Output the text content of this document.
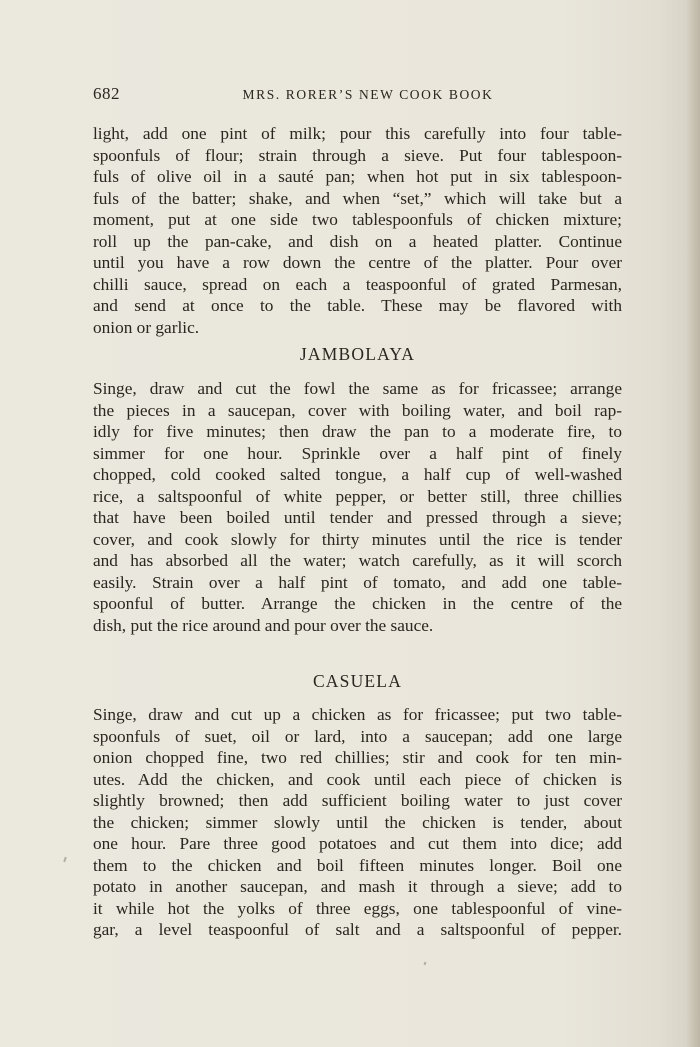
682	MRS. RORER’S NEW COOK BOOK
light, add one pint of milk; pour this carefully into four table-
spoonfuls of flour; strain through a sieve. Put four tablespoon-
fuls of olive oil in a sauté pan; when hot put in six tablespoon-
fuls of the batter; shake, and when “set,” which will take but a
moment, put at one side two tablespoonfuls of chicken mixture;
roll up the pan-cake, and dish on a heated platter. Continue
until you have a row down the centre of the platter. Pour over
chilli sauce, spread on each a teaspoonful of grated Parmesan,
and send at once to the table. These may be flavored with
onion or garlic.
JAMBOLAYA
Singe, draw and cut the fowl the same as for fricassee; arrange
the pieces in a saucepan, cover with boiling water, and boil rap-
idly for five minutes; then draw the pan to a moderate fire, to
simmer for one hour. Sprinkle over a half pint of finely
chopped, cold cooked salted tongue, a half cup of well-washed
rice, a saltspoonful of white pepper, or better still, three chillies
that have been boiled until tender and pressed through a sieve;
cover, and cook slowly for thirty minutes until the rice is tender
and has absorbed all the water; watch carefully, as it will scorch
easily. Strain over a half pint of tomato, and add one table-
spoonful of butter. Arrange the chicken in the centre of the
dish, put the rice around and pour over the sauce.
CASUELA
Singe, draw and cut up a chicken as for fricassee; put two table-
spoonfuls of suet, oil or lard, into a saucepan; add one large
onion chopped fine, two red chillies; stir and cook for ten min-
utes. Add the chicken, and cook until each piece of chicken is
slightly browned; then add sufficient boiling water to just cover
the chicken; simmer slowly until the chicken is tender, about
one hour. Pare three good potatoes and cut them into dice; add
them to the chicken and boil fifteen minutes longer. Boil one
potato in another saucepan, and mash it through a sieve; add to
it while hot the yolks of three eggs, one tablespoonful of vine-
gar, a level teaspoonful of salt and a saltspoonful of pepper.
